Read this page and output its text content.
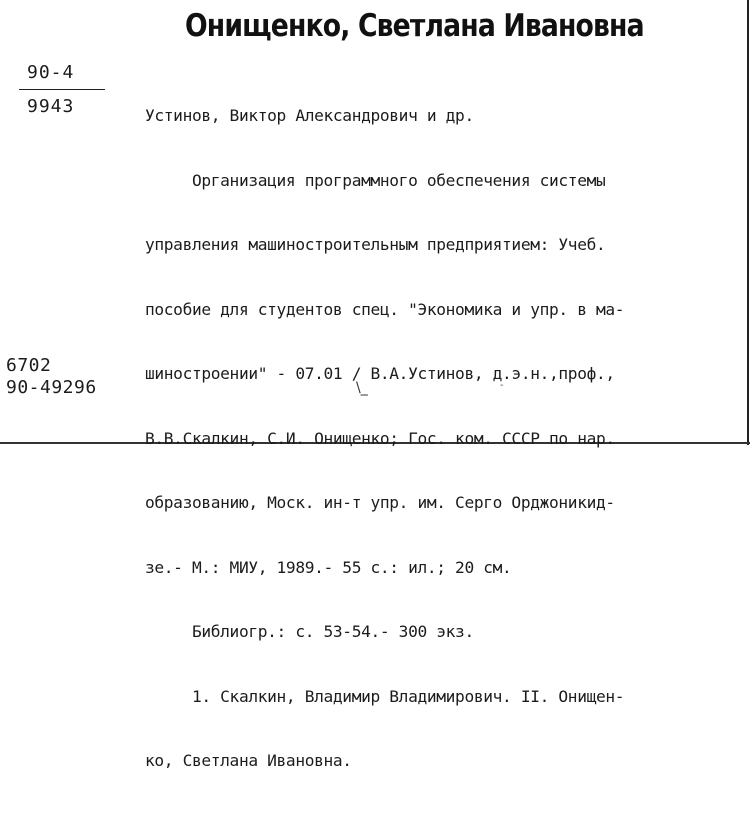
Онищенко, Светлана Ивановна
90-4
9943

	Устинов, Виктор Александрович и др.

Организация программного обеспечения системы

управления машиностроительным предприятием: Учеб.

пособие для студентов спец. "Экономика и упр. в ма-

шиностроении" - 07.01 / В.А.Устинов, д.э.н.,проф.,

В.В.Скалкин, С.И. Онищенко; Гос. ком. СССР по нар.

образованию, Моск. ин-т упр. им. Серго Орджоникид-

зе.- М.: МИУ, 1989.- 55 с.: ил.; 20 см.

Библиогр.: с. 53-54.- 300 экз.

1. Скалкин, Владимир Владимирович. II. Онищен-

ко, Светлана Ивановна.

6702
90-49296	\_	-
